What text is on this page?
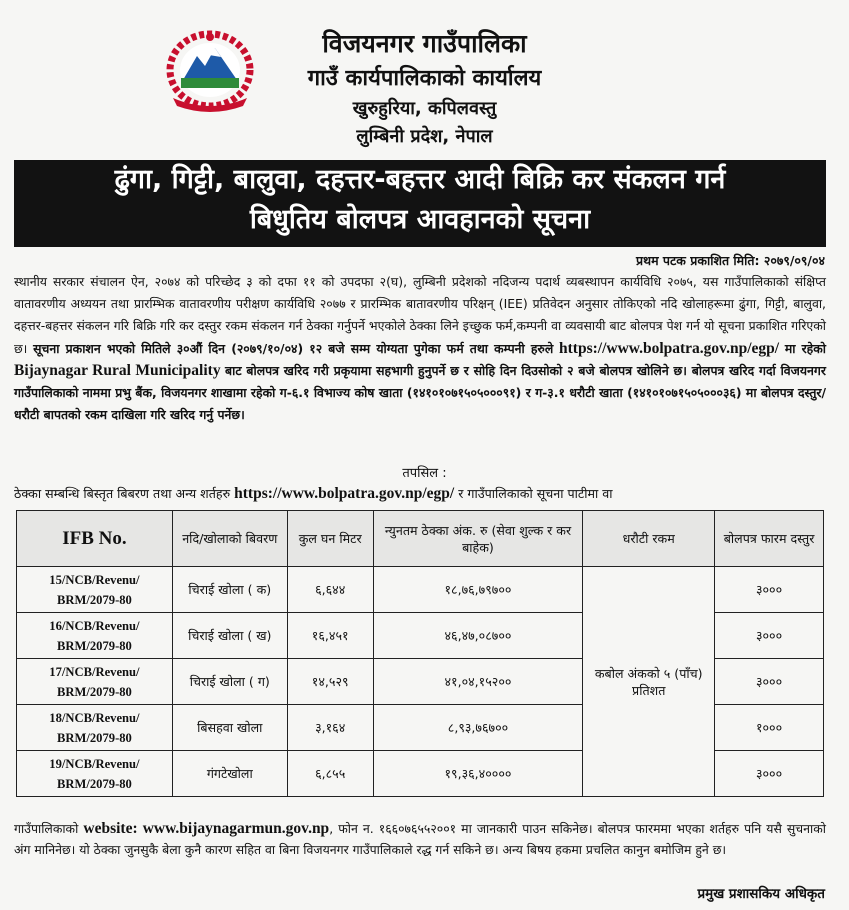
विजयनगर गाउँपालिका
गाउँ कार्यपालिकाको कार्यालय
खुरुहुरिया, कपिलवस्तु
लुम्बिनी प्रदेश, नेपाल
ढुंगा, गिट्टी, बालुवा, दहत्तर-बहत्तर आदी बिक्रि कर संकलन गर्न
बिधुतिय बोलपत्र आवहानको सूचना
प्रथम पटक प्रकाशित मिति: २०७९/०९/०४
स्थानीय सरकार संचालन ऐन, २०७४ को परिच्छेद ३ को दफा ११ को उपदफा २(घ), लुम्बिनी प्रदेशको नदिजन्य पदार्थ व्यबस्थापन कार्यविधि २०७५, यस गाउँपालिकाको संक्षिप्त वातावरणीय अध्ययन तथा प्रारम्भिक वातावरणीय परीक्षण कार्यविधि २०७७ र प्रारम्भिक बातावरणीय परिक्षन् (IEE) प्रतिवेदन अनुसार तोकिएको नदि खोलाहरूमा ढुंगा, गिट्टी, बालुवा, दहत्तर-बहत्तर संकलन गरि बिक्रि गरि कर दस्तुर रकम संकलन गर्न ठेक्का गर्नुपर्ने भएकोले ठेक्का लिने इच्छुक फर्म,कम्पनी वा व्यवसायी बाट बोलपत्र पेश गर्न यो सूचना प्रकाशित गरिएको छ। सूचना प्रकाशन भएको मितिले ३०औं दिन (२०७९/१०/०४) १२ बजे सम्म योग्यता पुगेका फर्म तथा कम्पनी हरुले https://www.bolpatra.gov.np/egp/ मा रहेको Bijaynagar Rural Municipality बाट बोलपत्र खरिद गरी प्रकृयामा सहभागी हुनुपर्ने छ र सोहि दिन दिउसोको २ बजे बोलपत्र खोलिने छ। बोलपत्र खरिद गर्दा विजयनगर गाउँपालिकाको नाममा प्रभु बैंक, विजयनगर शाखामा रहेको ग-६.१ विभाज्य कोष खाता (१४१०१०७१५०५०००९१) र ग-३.१ धरौटी खाता (१४१०१०७१५०५०००३६) मा बोलपत्र दस्तुर/धरौटी बापतको रकम दाखिला गरि खरिद गर्नु पर्नेछ।
तपसिल :
ठेक्का सम्बन्धि बिस्तृत बिबरण तथा अन्य शर्तहरु https://www.bolpatra.gov.np/egp/ र गाउँपालिकाको सूचना पाटीमा वा
IFB No.	नदि/खोलाको बिवरण	कुल घन मिटर	न्युनतम ठेक्का अंक. रु (सेवा शुल्क र कर बाहेक)	धरौटी रकम	बोलपत्र फारम दस्तुर
15/NCB/Revenu/
BRM/2079-80	चिराई खोला ( क)	६,६४४	१८,७६,७९७००	कबोल अंकको ५ (पाँच) प्रतिशत	३०००
16/NCB/Revenu/
BRM/2079-80	चिराई खोला ( ख)	१६,४५१	४६,४७,०८७००		३०००
17/NCB/Revenu/
BRM/2079-80	चिराई खोला ( ग)	१४,५२९	४१,०४,१५२००		३०००
18/NCB/Revenu/
BRM/2079-80	बिसहवा खोला	३,१६४	८,९३,७६७००		१०००
19/NCB/Revenu/
BRM/2079-80	गंगटेखोला	६,८५५	१९,३६,४००००		३०००
गाउँपालिकाको website: www.bijaynagarmun.gov.np, फोन न. १६६०७६५५२००१ मा जानकारी पाउन सकिनेछ। बोलपत्र फारममा भएका शर्तहरु पनि यसै सुचनाको अंग मानिनेछ। यो ठेक्का जुनसुकै बेला कुनै कारण सहित वा बिना विजयनगर गाउँपालिकाले रद्ध गर्न सकिने छ। अन्य बिषय हकमा प्रचलित कानुन बमोजिम हुने छ।
प्रमुख प्रशासकिय अधिकृत
